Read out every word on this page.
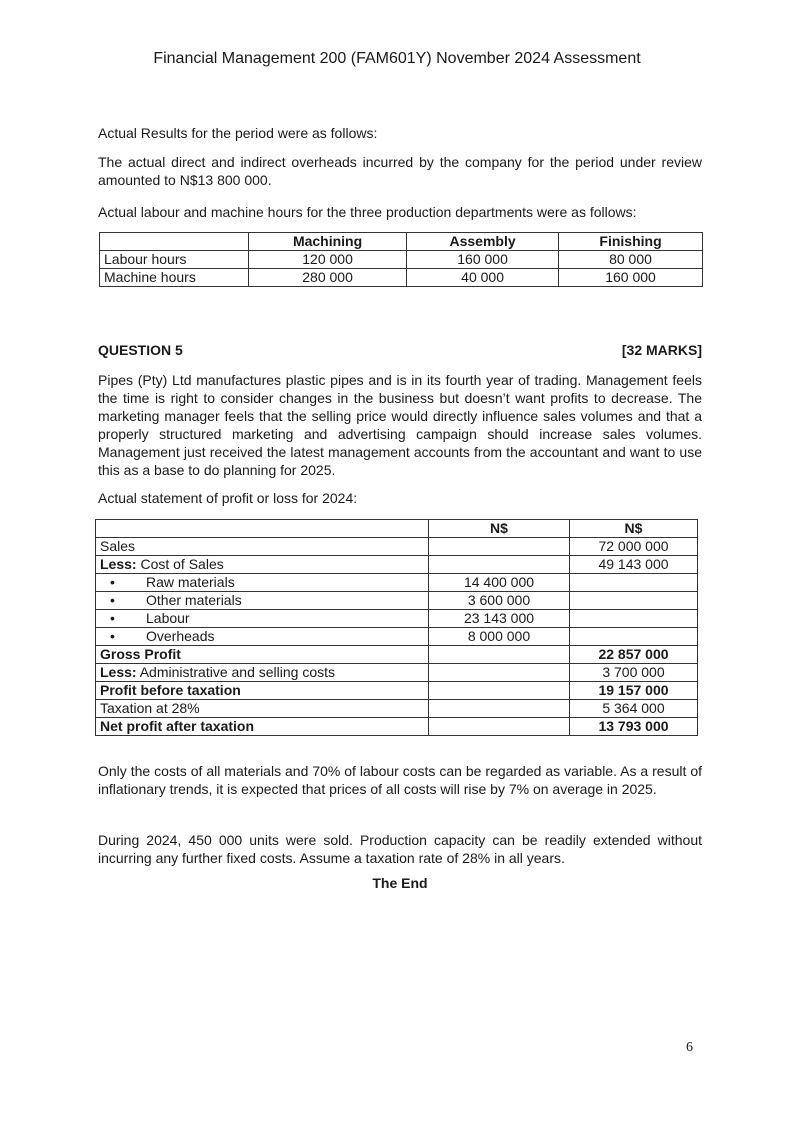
Financial Management 200 (FAM601Y) November 2024 Assessment
Actual Results for the period were as follows:
The actual direct and indirect overheads incurred by the company for the period under review amounted to N$13 800 000.
Actual labour and machine hours for the three production departments were as follows:
	Machining	Assembly	Finishing
Labour hours	120 000	160 000	80 000
Machine hours	280 000	40 000	160 000
QUESTION 5	[32 MARKS]
Pipes (Pty) Ltd manufactures plastic pipes and is in its fourth year of trading. Management feels the time is right to consider changes in the business but doesn’t want profits to decrease. The marketing manager feels that the selling price would directly influence sales volumes and that a properly structured marketing and advertising campaign should increase sales volumes. Management just received the latest management accounts from the accountant and want to use this as a base to do planning for 2025.
Actual statement of profit or loss for 2024:
	N$	N$
Sales		72 000 000
Less: Cost of Sales		49 143 000
• Raw materials	14 400 000	
• Other materials	3 600 000	
• Labour	23 143 000	
• Overheads	8 000 000	
Gross Profit		22 857 000
Less: Administrative and selling costs		3 700 000
Profit before taxation		19 157 000
Taxation at 28%		5 364 000
Net profit after taxation		13 793 000
Only the costs of all materials and 70% of labour costs can be regarded as variable. As a result of inflationary trends, it is expected that prices of all costs will rise by 7% on average in 2025.
During 2024, 450 000 units were sold. Production capacity can be readily extended without incurring any further fixed costs. Assume a taxation rate of 28% in all years.
The End
6
